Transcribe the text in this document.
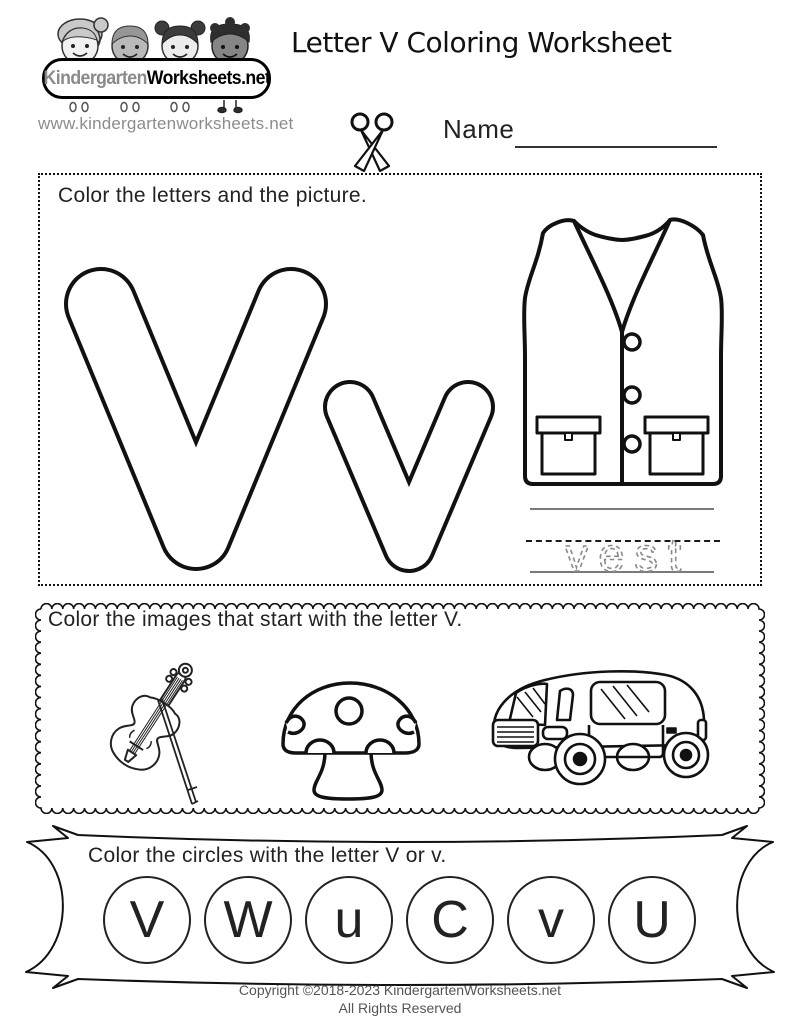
KindergartenWorksheets.net
www.kindergartenworksheets.net
Letter V Coloring Worksheet
Name
Color the letters and the picture.
vest
Color the images that start with the letter V.
Color the circles with the letter V or v.
V W u C v U
Copyright ©2018-2023 KindergartenWorksheets.net
All Rights Reserved
